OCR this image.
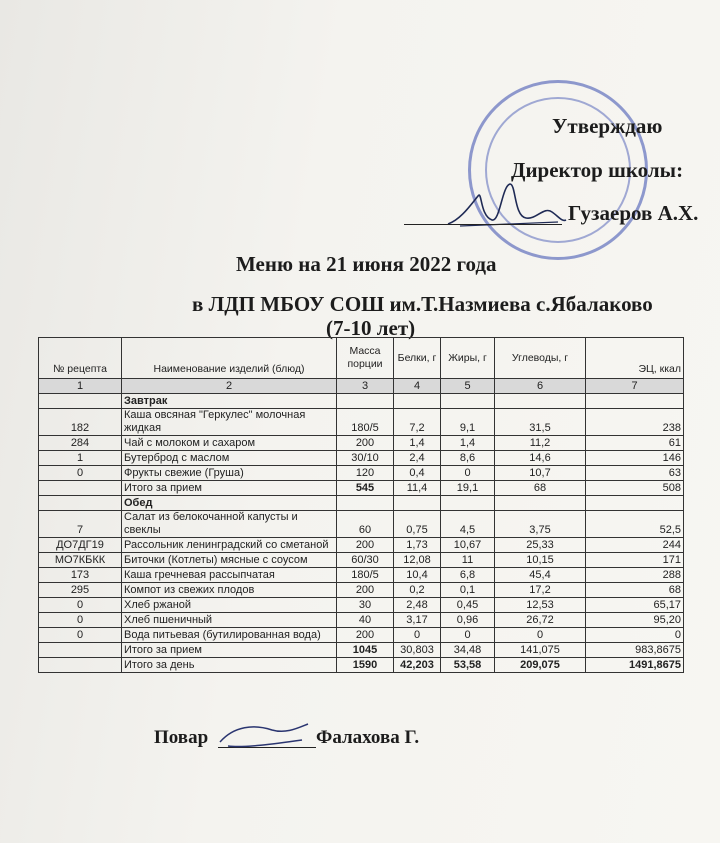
Утверждаю
Директор школы:
Гузаеров А.Х.
Меню на 21 июня 2022 года
в ЛДП МБОУ СОШ им.Т.Назмиева с.Ябалаково
(7-10 лет)
№ рецепта	Наименование изделий (блюд)	Масса порции	Белки, г	Жиры, г	Углеводы, г	ЭЦ, ккал
1	2	3	4	5	6	7
	Завтрак					
182	Каша овсяная "Геркулес" молочная жидкая	180/5	7,2	9,1	31,5	238
284	Чай с молоком и сахаром	200	1,4	1,4	11,2	61
1	Бутерброд с маслом	30/10	2,4	8,6	14,6	146
0	Фрукты свежие (Груша)	120	0,4	0	10,7	63
	Итого за прием	545	11,4	19,1	68	508
	Обед					
7	Салат из белокочанной капусты и свеклы	60	0,75	4,5	3,75	52,5
ДО7ДГ19	Рассольник ленинградский со сметаной	200	1,73	10,67	25,33	244
МО7КБКК	Биточки (Котлеты) мясные с соусом	60/30	12,08	11	10,15	171
173	Каша гречневая рассыпчатая	180/5	10,4	6,8	45,4	288
295	Компот из свежих плодов	200	0,2	0,1	17,2	68
0	Хлеб ржаной	30	2,48	0,45	12,53	65,17
0	Хлеб пшеничный	40	3,17	0,96	26,72	95,20
0	Вода питьевая (бутилированная вода)	200	0	0	0	0
	Итого за прием	1045	30,803	34,48	141,075	983,8675
	Итого за день	1590	42,203	53,58	209,075	1491,8675
Повар	Фалахова Г.
